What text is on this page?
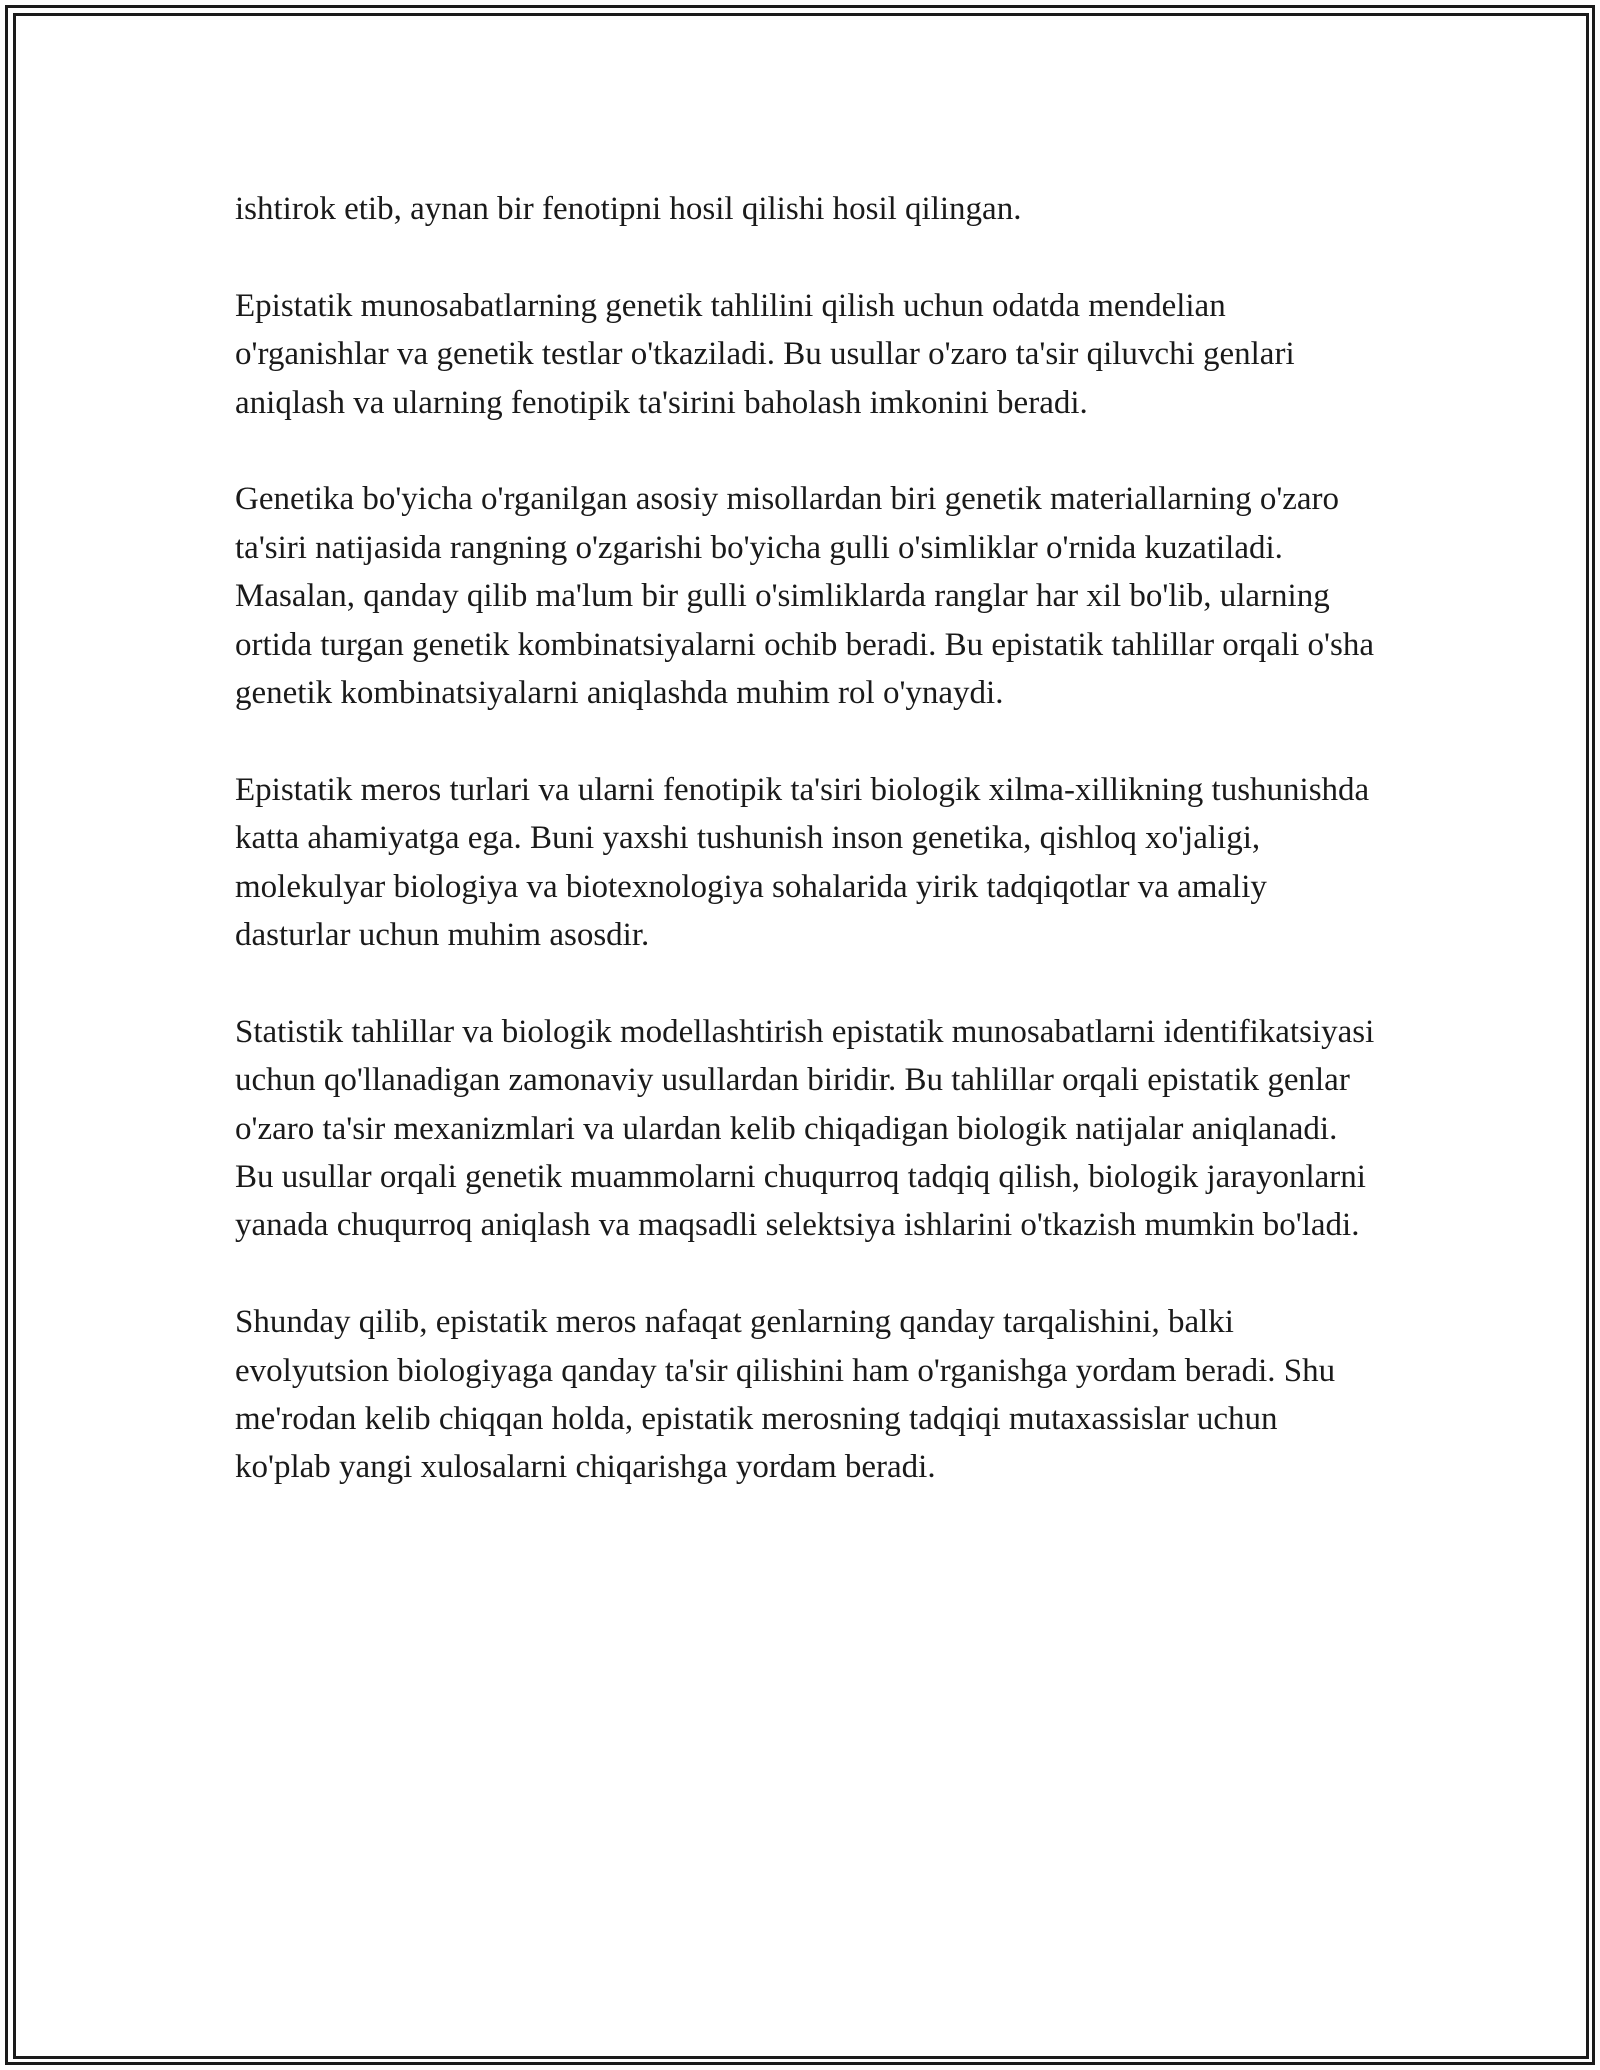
ishtirok etib, aynan bir fenotipni hosil qilishi hosil qilingan.

Epistatik munosabatlarning genetik tahlilini qilish uchun odatda mendelian o'rganishlar va genetik testlar o'tkaziladi. Bu usullar o'zaro ta'sir qiluvchi genlari aniqlash va ularning fenotipik ta'sirini baholash imkonini beradi.

Genetika bo'yicha o'rganilgan asosiy misollardan biri genetik materiallarning o'zaro ta'siri natijasida rangning o'zgarishi bo'yicha gulli o'simliklar o'rnida kuzatiladi. Masalan, qanday qilib ma'lum bir gulli o'simliklarda ranglar har xil bo'lib, ularning ortida turgan genetik kombinatsiyalarni ochib beradi. Bu epistatik tahlillar orqali o'sha genetik kombinatsiyalarni aniqlashda muhim rol o'ynaydi.

Epistatik meros turlari va ularni fenotipik ta'siri biologik xilma-xillikning tushunishda katta ahamiyatga ega. Buni yaxshi tushunish inson genetika, qishloq xo'jaligi, molekulyar biologiya va biotexnologiya sohalarida yirik tadqiqotlar va amaliy dasturlar uchun muhim asosdir.

Statistik tahlillar va biologik modellashtirish epistatik munosabatlarni identifikatsiyasi uchun qo'llanadigan zamonaviy usullardan biridir. Bu tahlillar orqali epistatik genlar o'zaro ta'sir mexanizmlari va ulardan kelib chiqadigan biologik natijalar aniqlanadi. Bu usullar orqali genetik muammolarni chuqurroq tadqiq qilish, biologik jarayonlarni yanada chuqurroq aniqlash va maqsadli selektsiya ishlarini o'tkazish mumkin bo'ladi.

Shunday qilib, epistatik meros nafaqat genlarning qanday tarqalishini, balki evolyutsion biologiyaga qanday ta'sir qilishini ham o'rganishga yordam beradi. Shu me'rodan kelib chiqqan holda, epistatik merosning tadqiqi mutaxassislar uchun ko'plab yangi xulosalarni chiqarishga yordam beradi.
